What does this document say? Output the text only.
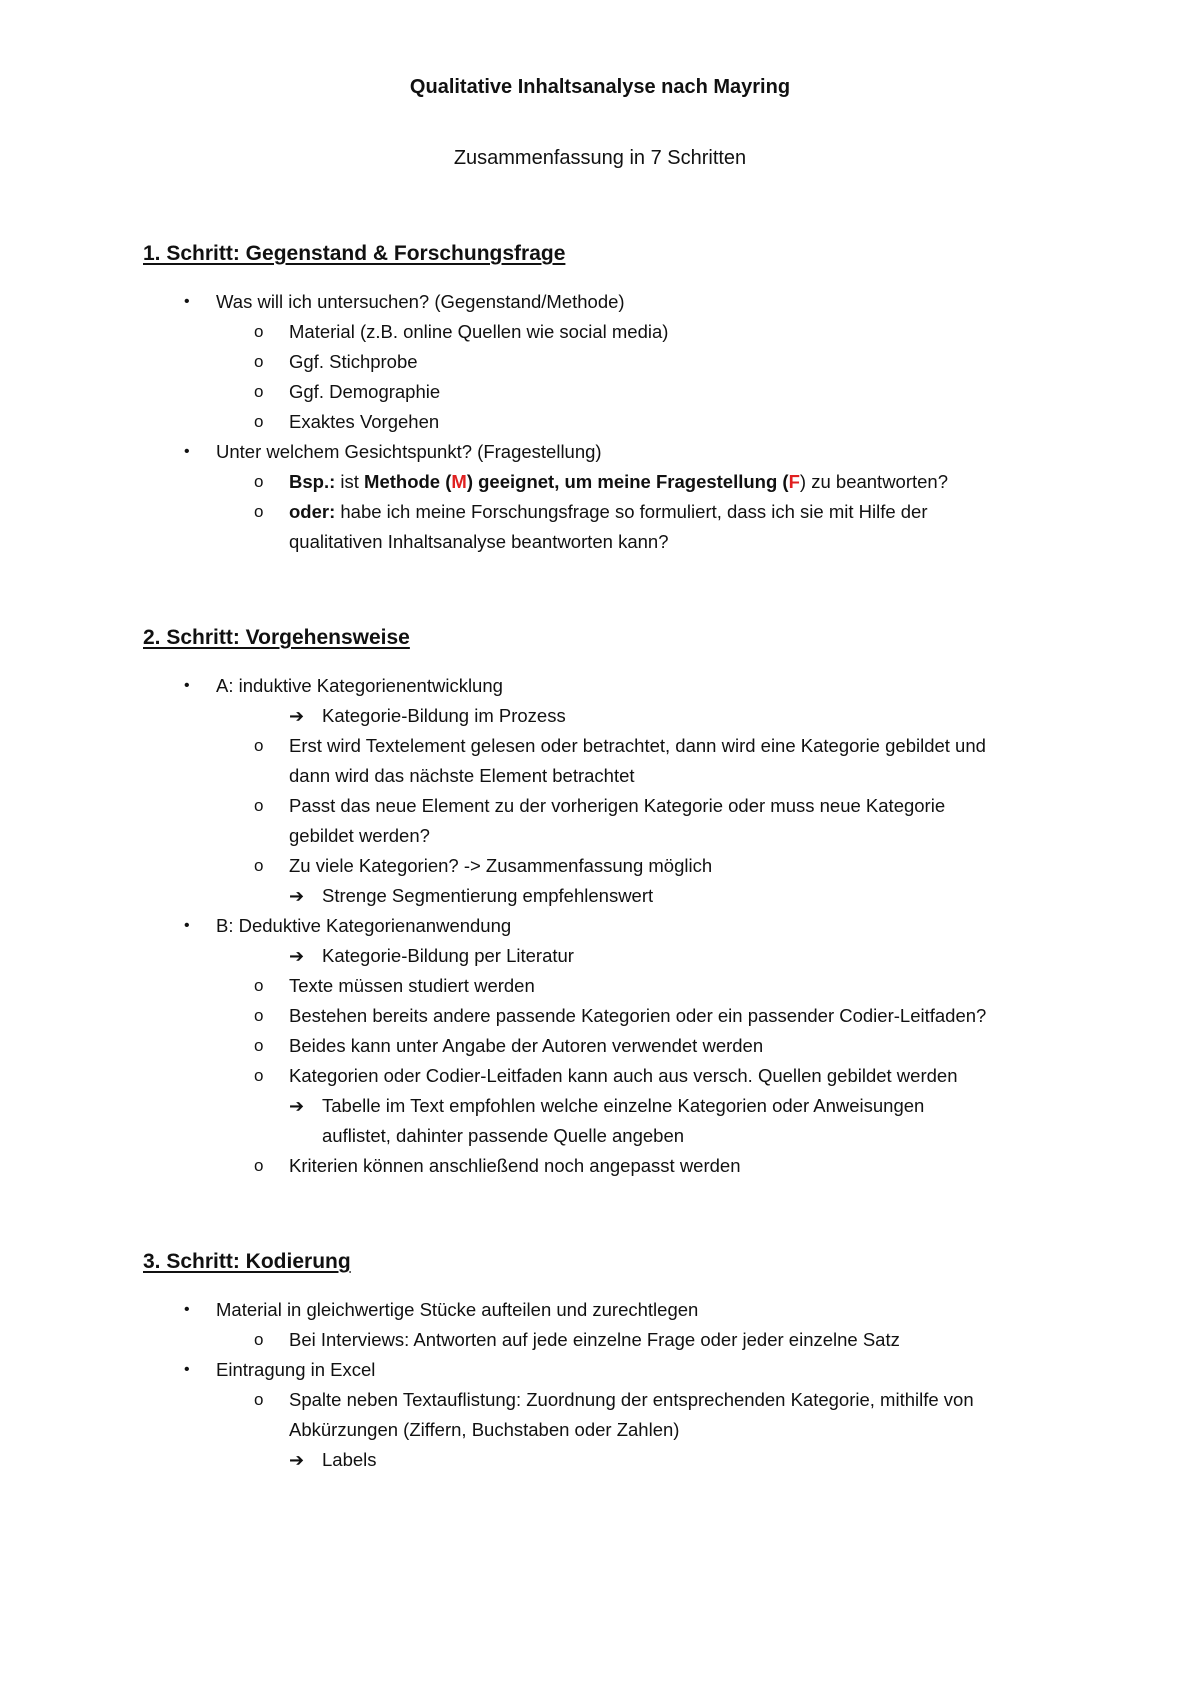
Qualitative Inhaltsanalyse nach Mayring
Zusammenfassung in 7 Schritten
1. Schritt: Gegenstand & Forschungsfrage
• Was will ich untersuchen? (Gegenstand/Methode)
o Material (z.B. online Quellen wie social media)
o Ggf. Stichprobe
o Ggf. Demographie
o Exaktes Vorgehen
• Unter welchem Gesichtspunkt? (Fragestellung)
o Bsp.: ist Methode (M) geeignet, um meine Fragestellung (F) zu beantworten?
o oder: habe ich meine Forschungsfrage so formuliert, dass ich sie mit Hilfe der
qualitativen Inhaltsanalyse beantworten kann?
2. Schritt: Vorgehensweise
• A: induktive Kategorienentwicklung
➔ Kategorie-Bildung im Prozess
o Erst wird Textelement gelesen oder betrachtet, dann wird eine Kategorie gebildet und
dann wird das nächste Element betrachtet
o Passt das neue Element zu der vorherigen Kategorie oder muss neue Kategorie
gebildet werden?
o Zu viele Kategorien? -> Zusammenfassung möglich
➔ Strenge Segmentierung empfehlenswert
• B: Deduktive Kategorienanwendung
➔ Kategorie-Bildung per Literatur
o Texte müssen studiert werden
o Bestehen bereits andere passende Kategorien oder ein passender Codier-Leitfaden?
o Beides kann unter Angabe der Autoren verwendet werden
o Kategorien oder Codier-Leitfaden kann auch aus versch. Quellen gebildet werden
➔ Tabelle im Text empfohlen welche einzelne Kategorien oder Anweisungen
auflistet, dahinter passende Quelle angeben
o Kriterien können anschließend noch angepasst werden
3. Schritt: Kodierung
• Material in gleichwertige Stücke aufteilen und zurechtlegen
o Bei Interviews: Antworten auf jede einzelne Frage oder jeder einzelne Satz
• Eintragung in Excel
o Spalte neben Textauflistung: Zuordnung der entsprechenden Kategorie, mithilfe von
Abkürzungen (Ziffern, Buchstaben oder Zahlen)
➔ Labels
